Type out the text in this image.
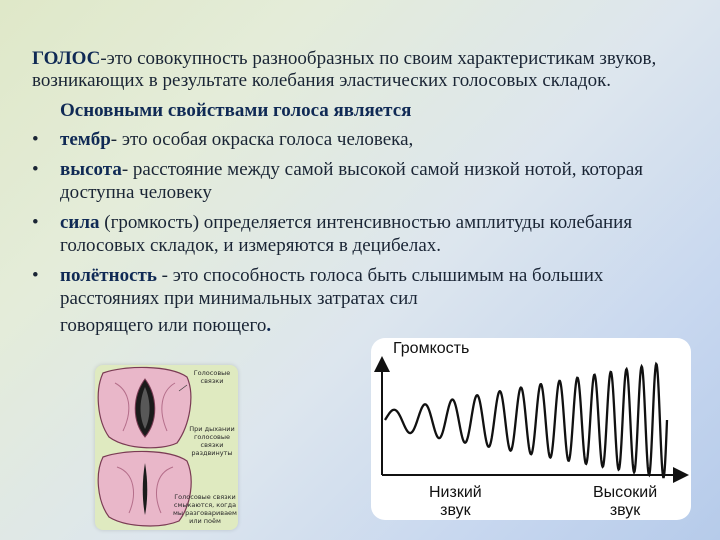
ГОЛОС-это совокупность разнообразных по своим характеристикам звуков, возникающих в результате колебания эластических голосовых складок.

Основными свойствами голоса является
• тембр- это особая окраска голоса человека,
• высота- расстояние между самой высокой самой низкой нотой, которая доступна человеку
• сила (громкость) определяется интенсивностью амплитуды колебания голосовых складок, и измеряются в децибелах.
• полётность - это способность голоса быть слышимым на больших расстояниях при минимальных затратах сил
говорящего или поющего.
Голосовые связки
При дыхании голосовые связки раздвинуты
Голосовые связки смыкаются, когда мы разговариваем или поём
Громкость
Низкий
звук
Высокий
звук
